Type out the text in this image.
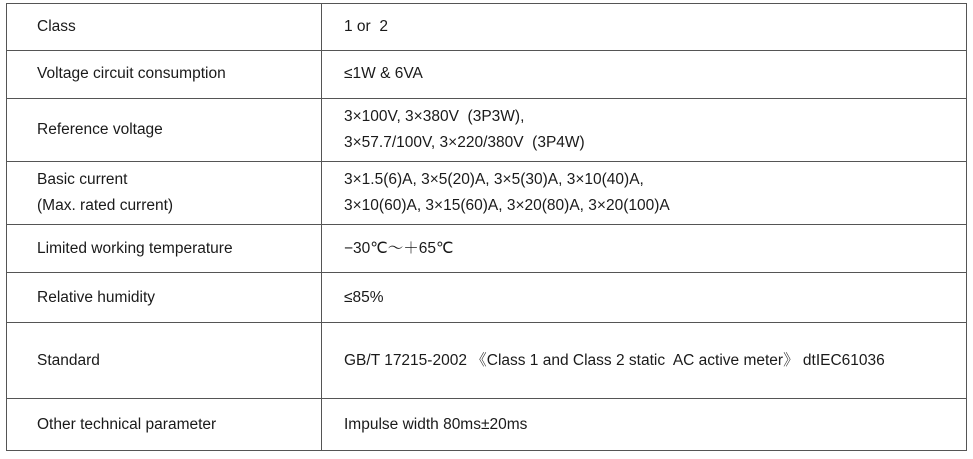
Class	1 or  2

Voltage circuit consumption	≤1W & 6VA

Reference voltage	3×100V, 3×380V  (3P3W),
3×57.7/100V, 3×220/380V  (3P4W)

Basic current
(Max. rated current)	3×1.5(6)A, 3×5(20)A, 3×5(30)A, 3×10(40)A,
3×10(60)A, 3×15(60)A, 3×20(80)A, 3×20(100)A

Limited working temperature	−30℃～＋65℃

Relative humidity	≤85%

Standard	GB/T 17215-2002 《Class 1 and Class 2 static  AC active meter》 dtIEC61036

Other technical parameter	Impulse width 80ms±20ms
